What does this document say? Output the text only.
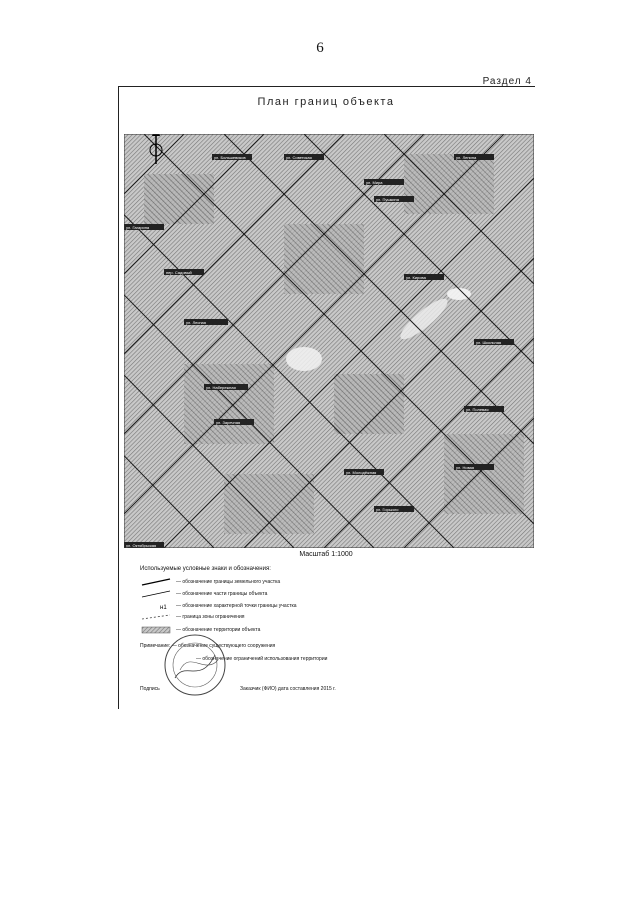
6
Раздел 4
План границ объекта
ул. Большевиков	ул. Советская	ул. Ленина
ул. Мира
ул. Пушкина
ул. Гагарина
пер. Садовый
ул. Кирова
ул. Лесная
ул. Школьная
ул. Набережная
ул. Полевая
ул. Заречная
ул. Молодёжная
ул. Новая
ул. Горького
ул. Октябрьская
Масштаб 1:1000
Используемые условные знаки и обозначения:
— обозначение границы земельного участка
— обозначение части границы объекта
н1 — обозначение характерной точки границы участка
— граница зоны ограничения
— обозначение территории объекта
Примечание: — обозначение существующего сооружения
— обозначение ограничений использования территории
Подпись	Заказчик (ФИО) дата составления 2015 г.
